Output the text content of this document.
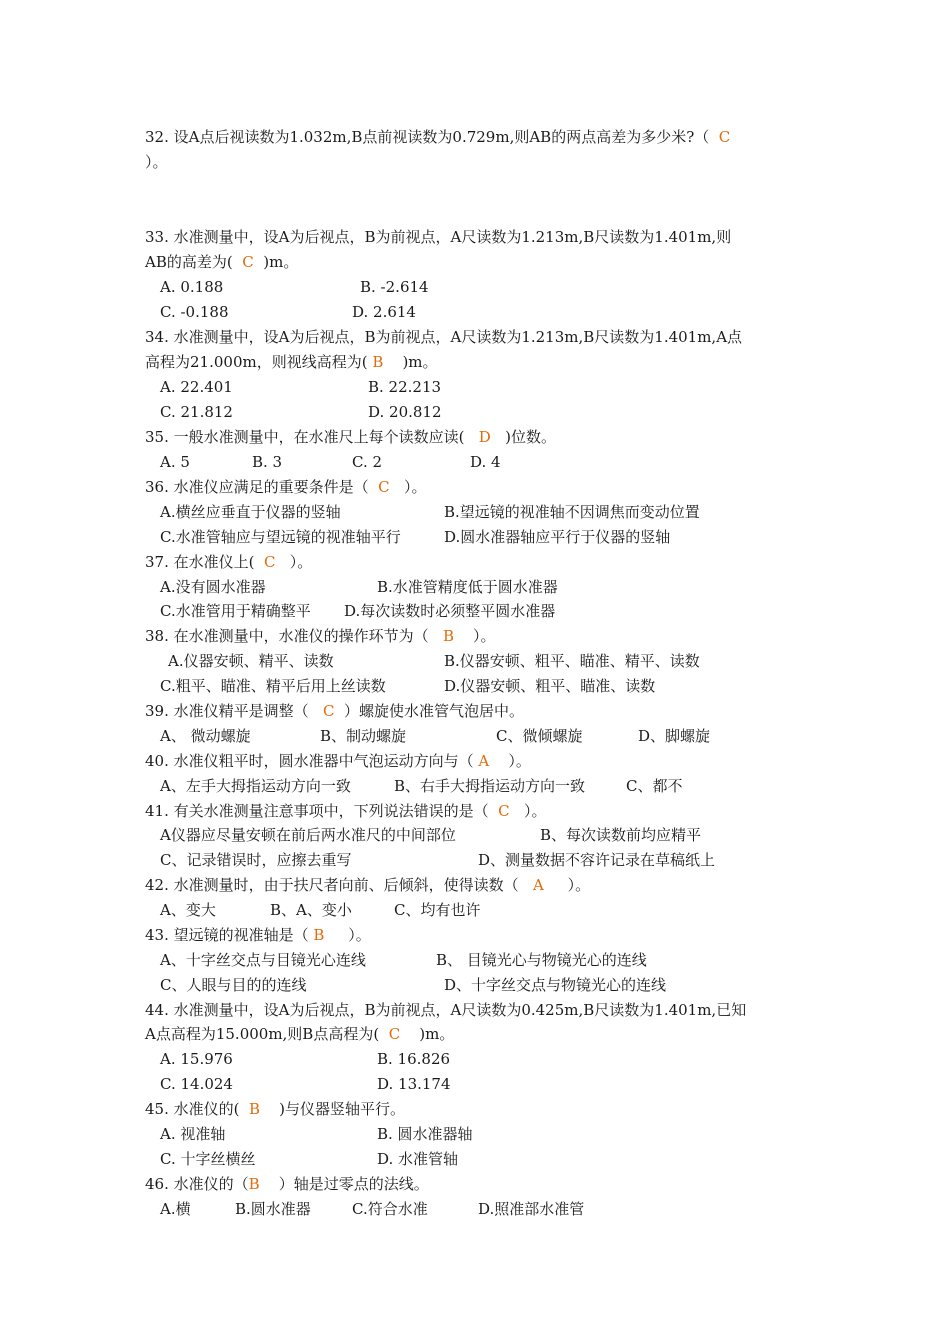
32. 设A点后视读数为1.032m,B点前视读数为0.729m,则AB的两点高差为多少米?（  C
）。
33. 水准测量中，设A为后视点，B为前视点，A尺读数为1.213m,B尺读数为1.401m,则
AB的高差为(  C  )m。
A. 0.188	B. -2.614
C. -0.188	D. 2.614
34. 水准测量中，设A为后视点，B为前视点，A尺读数为1.213m,B尺读数为1.401m,A点
高程为21.000m，则视线高程为( B    )m。
A. 22.401	B. 22.213
C. 21.812	D. 20.812
35. 一般水准测量中，在水准尺上每个读数应读(   D   )位数。
A. 5	B. 3	C. 2	D. 4
36. 水准仪应满足的重要条件是（  C   ）。
A.横丝应垂直于仪器的竖轴	B.望远镜的视准轴不因调焦而变动位置
C.水准管轴应与望远镜的视准轴平行	D.圆水准器轴应平行于仪器的竖轴
37. 在水准仪上(  C   ）。
A.没有圆水准器	B.水准管精度低于圆水准器
C.水准管用于精确整平 D.每次读数时必须整平圆水准器
38. 在水准测量中，水准仪的操作环节为（   B    ）。
A.仪器安顿、精平、读数	B.仪器安顿、粗平、瞄准、精平、读数
C.粗平、瞄准、精平后用上丝读数	D.仪器安顿、粗平、瞄准、读数
39. 水准仪精平是调整（   C  ）螺旋使水准管气泡居中。
A、 微动螺旋	B、制动螺旋	C、微倾螺旋	D、脚螺旋
40. 水准仪粗平时，圆水准器中气泡运动方向与（ A    ）。
A、左手大拇指运动方向一致	B、右手大拇指运动方向一致	C、都不
41. 有关水准测量注意事项中，下列说法错误的是（  C   ）。
A仪器应尽量安顿在前后两水准尺的中间部位	B、每次读数前均应精平
C、记录错误时，应擦去重写	D、测量数据不容许记录在草稿纸上
42. 水准测量时，由于扶尺者向前、后倾斜，使得读数（   A     ）。
A、变大	B、A、变小	C、均有也许
43. 望远镜的视准轴是（ B     ）。
A、十字丝交点与目镜光心连线	B、 目镜光心与物镜光心的连线
C、人眼与目的的连线	D、十字丝交点与物镜光心的连线
44. 水准测量中，设A为后视点，B为前视点，A尺读数为0.425m,B尺读数为1.401m,已知
A点高程为15.000m,则B点高程为(  C    )m。
A. 15.976	B. 16.826
C. 14.024	D. 13.174
45. 水准仪的(  B    )与仪器竖轴平行。
A. 视准轴	B. 圆水准器轴
C. 十字丝横丝	D. 水准管轴
46. 水准仪的（B    ）轴是过零点的法线。
A.横	B.圆水准器	C.符合水准	D.照准部水准管
